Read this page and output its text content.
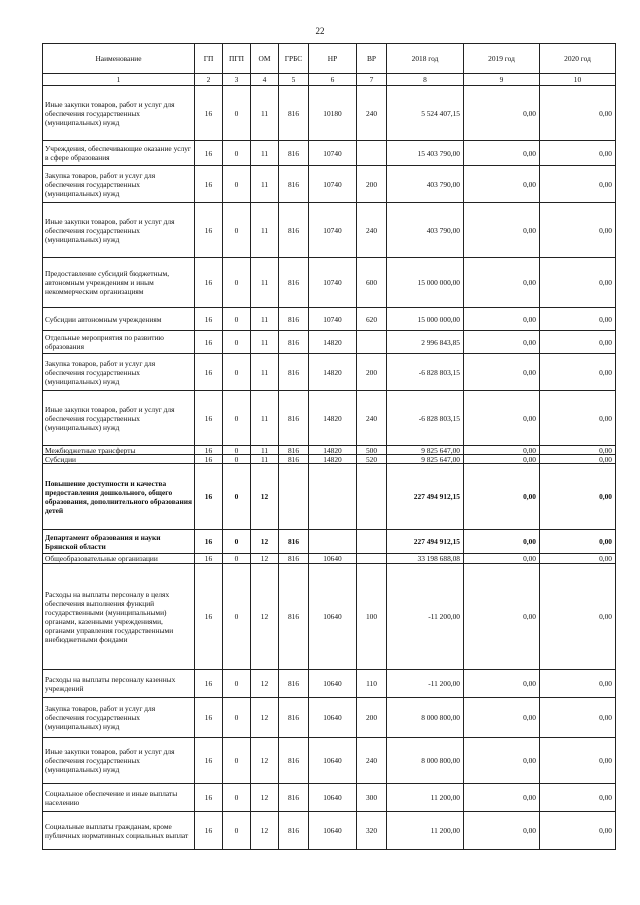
22
Наименование	ГП	ПГП	ОМ	ГРБС	НР	ВР	2018 год	2019 год	2020 год
1	2	3	4	5	6	7	8	9	10
Иные закупки товаров, работ и услуг для обеспечения государственных (муниципальных) нужд	16	0	11	816	10180	240	5 524 407,15	0,00	0,00
Учреждения, обеспечивающие оказание услуг в сфере образования	16	0	11	816	10740		15 403 790,00	0,00	0,00
Закупка товаров, работ и услуг для обеспечения государственных (муниципальных) нужд	16	0	11	816	10740	200	403 790,00	0,00	0,00
Иные закупки товаров, работ и услуг для обеспечения государственных (муниципальных) нужд	16	0	11	816	10740	240	403 790,00	0,00	0,00
Предоставление субсидий бюджетным, автономным учреждениям и иным некоммерческим организациям	16	0	11	816	10740	600	15 000 000,00	0,00	0,00
Субсидии автономным учреждениям	16	0	11	816	10740	620	15 000 000,00	0,00	0,00
Отдельные мероприятия по развитию образования	16	0	11	816	14820		2 996 843,85	0,00	0,00
Закупка товаров, работ и услуг для обеспечения государственных (муниципальных) нужд	16	0	11	816	14820	200	-6 828 803,15	0,00	0,00
Иные закупки товаров, работ и услуг для обеспечения государственных (муниципальных) нужд	16	0	11	816	14820	240	-6 828 803,15	0,00	0,00
Межбюджетные трансферты	16	0	11	816	14820	500	9 825 647,00	0,00	0,00
Субсидии	16	0	11	816	14820	520	9 825 647,00	0,00	0,00
Повышение доступности и качества предоставления дошкольного, общего образования, дополнительного образования детей	16	0	12				227 494 912,15	0,00	0,00
Департамент образования и науки Брянской области	16	0	12	816			227 494 912,15	0,00	0,00
Общеобразовательные организации	16	0	12	816	10640		33 198 688,08	0,00	0,00
Расходы на выплаты персоналу в целях обеспечения выполнения функций государственными (муниципальными) органами, казенными учреждениями, органами управления государственными внебюджетными фондами	16	0	12	816	10640	100	-11 200,00	0,00	0,00
Расходы на выплаты персоналу казенных учреждений	16	0	12	816	10640	110	-11 200,00	0,00	0,00
Закупка товаров, работ и услуг для обеспечения государственных (муниципальных) нужд	16	0	12	816	10640	200	8 000 800,00	0,00	0,00
Иные закупки товаров, работ и услуг для обеспечения государственных (муниципальных) нужд	16	0	12	816	10640	240	8 000 800,00	0,00	0,00
Социальное обеспечение и иные выплаты населению	16	0	12	816	10640	300	11 200,00	0,00	0,00
Социальные выплаты гражданам, кроме публичных нормативных социальных выплат	16	0	12	816	10640	320	11 200,00	0,00	0,00
